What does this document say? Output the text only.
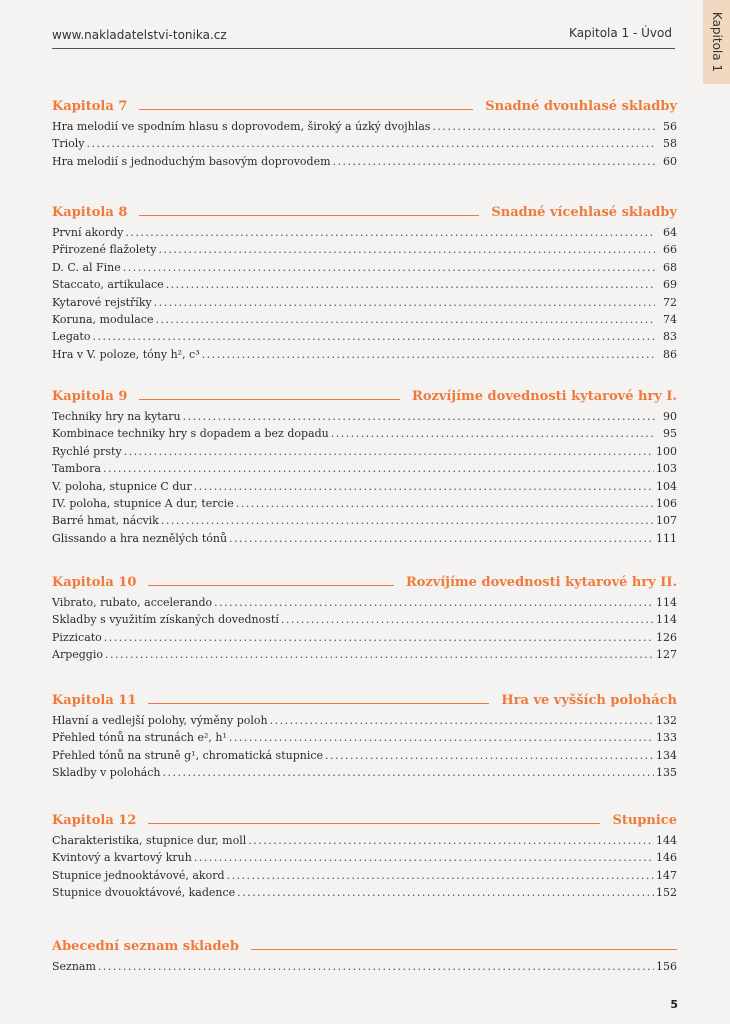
www.nakladatelstvi-tonika.cz	Kapitola 1 - Úvod	Kapitola 1
Kapitola 7	Snadné dvouhlasé skladby
Hra melodií ve spodním hlasu s doprovodem, široký a úzký dvojhlas . . .	56
Trioly . . .	58
Hra melodií s jednoduchým basovým doprovodem . . .	60
Kapitola 8	Snadné vícehlasé skladby
První akordy . . .	64
Přirozené flažolety . . .	66
D. C. al Fine . . .	68
Staccato, artikulace . . .	69
Kytarové rejstříky . . .	72
Koruna, modulace . . .	74
Legato . . .	83
Hra v V. poloze, tóny h², c³ . . .	86
Kapitola 9	Rozvíjíme dovednosti kytarové hry I.
Techniky hry na kytaru . . .	90
Kombinace techniky hry s dopadem a bez dopadu . . .	95
Rychlé prsty . . .	100
Tambora . . .	103
V. poloha, stupnice C dur . . .	104
IV. poloha, stupnice A dur, tercie . . .	106
Barré hmat, nácvik . . .	107
Glissando a hra neznělých tónů . . .	111
Kapitola 10	Rozvíjíme dovednosti kytarové hry II.
Vibrato, rubato, accelerando . . .	114
Skladby s využitím získaných dovedností . . .	114
Pizzicato . . .	126
Arpeggio . . .	127
Kapitola 11	Hra ve vyšších polohách
Hlavní a vedlejší polohy, výměny poloh . . .	132
Přehled tónů na strunách e², h¹ . . .	133
Přehled tónů na struně g¹, chromatická stupnice . . .	134
Skladby v polohách . . .	135
Kapitola 12	Stupnice
Charakteristika, stupnice dur, moll . . .	144
Kvintový a kvartový kruh . . .	146
Stupnice jednooktávové, akord . . .	147
Stupnice dvouoktávové, kadence . . .	152
Abecední seznam skladeb
Seznam . . .	156
5
